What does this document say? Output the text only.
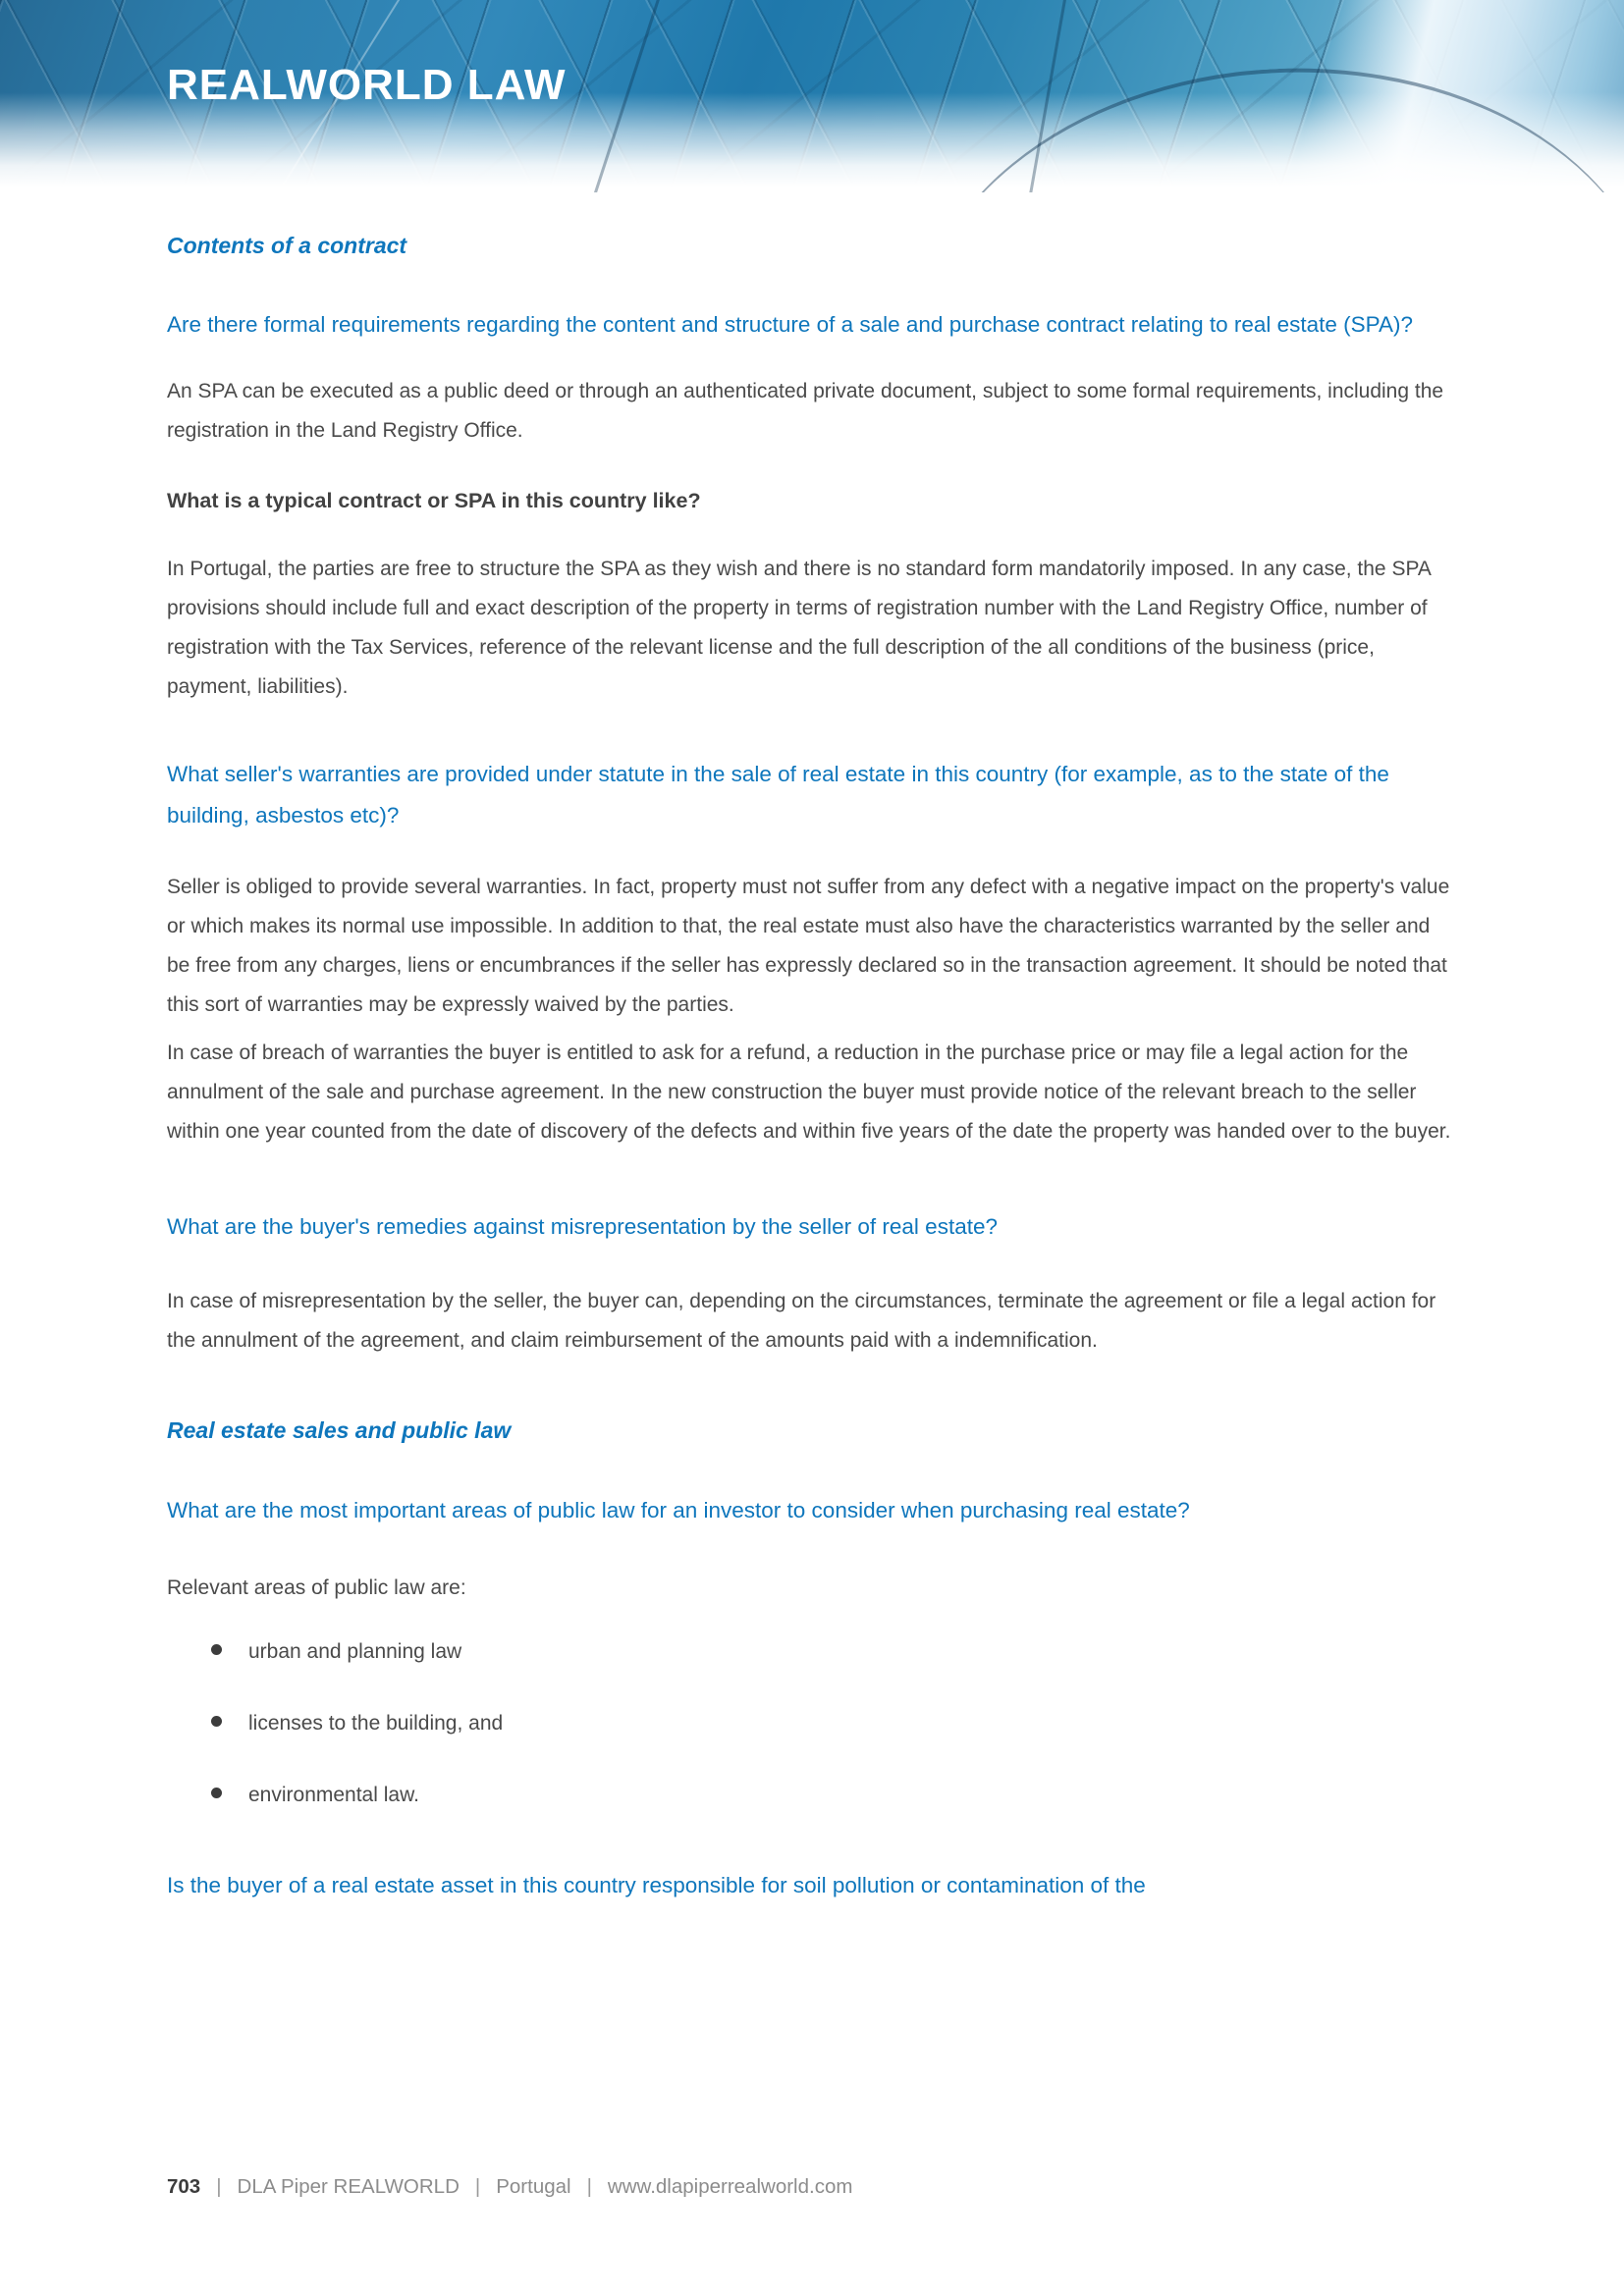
REALWORLD LAW
Contents of a contract
Are there formal requirements regarding the content and structure of a sale and purchase contract relating to real estate (SPA)?
An SPA can be executed as a public deed or through an authenticated private document, subject to some formal requirements, including the registration in the Land Registry Office.
What is a typical contract or SPA in this country like?
In Portugal, the parties are free to structure the SPA as they wish and there is no standard form mandatorily imposed. In any case, the SPA provisions should include full and exact description of the property in terms of registration number with the Land Registry Office, number of registration with the Tax Services, reference of the relevant license and the full description of the all conditions of the business (price, payment, liabilities).
What seller's warranties are provided under statute in the sale of real estate in this country (for example, as to the state of the building, asbestos etc)?
Seller is obliged to provide several warranties. In fact, property must not suffer from any defect with a negative impact on the property's value or which makes its normal use impossible. In addition to that, the real estate must also have the characteristics warranted by the seller and be free from any charges, liens or encumbrances if the seller has expressly declared so in the transaction agreement. It should be noted that this sort of warranties may be expressly waived by the parties.
In case of breach of warranties the buyer is entitled to ask for a refund, a reduction in the purchase price or may file a legal action for the annulment of the sale and purchase agreement. In the new construction the buyer must provide notice of the relevant breach to the seller within one year counted from the date of discovery of the defects and within five years of the date the property was handed over to the buyer.
What are the buyer's remedies against misrepresentation by the seller of real estate?
In case of misrepresentation by the seller, the buyer can, depending on the circumstances, terminate the agreement or file a legal action for the annulment of the agreement, and claim reimbursement of the amounts paid with a indemnification.
Real estate sales and public law
What are the most important areas of public law for an investor to consider when purchasing real estate?
Relevant areas of public law are:
urban and planning law
licenses to the building, and
environmental law.
Is the buyer of a real estate asset in this country responsible for soil pollution or contamination of the
703 | DLA Piper REALWORLD | Portugal | www.dlapiperrealworld.com
